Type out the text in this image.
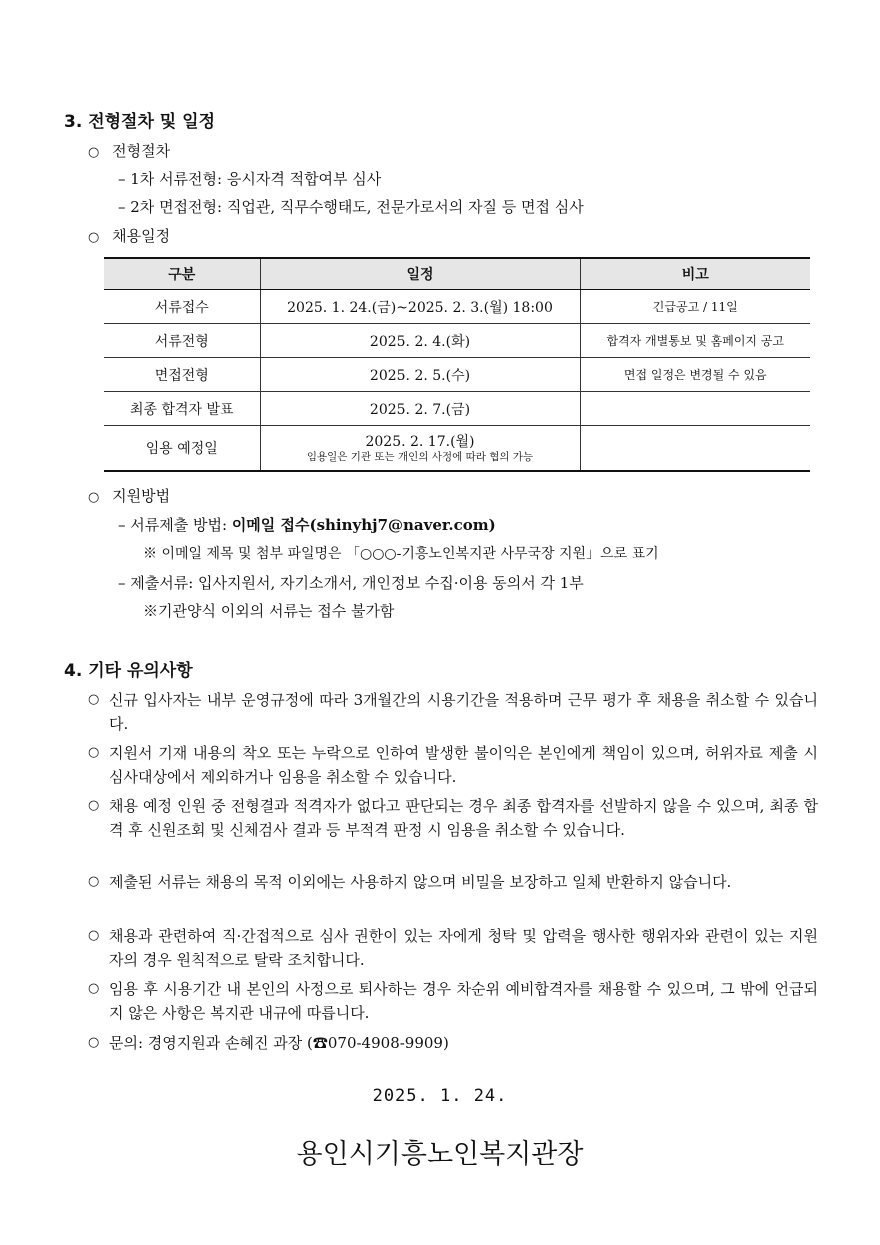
3. 전형절차 및 일정
○ 전형절차
– 1차 서류전형: 응시자격 적합여부 심사
– 2차 면접전형: 직업관, 직무수행태도, 전문가로서의 자질 등 면접 심사
○ 채용일정
구분	일정	비고
서류접수	2025. 1. 24.(금)~2025. 2. 3.(월) 18:00	긴급공고 / 11일
서류전형	2025. 2. 4.(화)	합격자 개별통보 및 홈페이지 공고
면접전형	2025. 2. 5.(수)	면접 일정은 변경될 수 있음
최종 합격자 발표	2025. 2. 7.(금)	
임용 예정일	2025. 2. 17.(월)
임용일은 기관 또는 개인의 사정에 따라 협의 가능	

○ 지원방법
– 서류제출 방법: 이메일 접수(shinyhj7@naver.com)
※ 이메일 제목 및 첨부 파일명은 「○○○-기흥노인복지관 사무국장 지원」으로 표기
– 제출서류: 입사지원서, 자기소개서, 개인정보 수집·이용 동의서 각 1부
※기관양식 이외의 서류는 접수 불가함
4. 기타 유의사항
○ 신규 입사자는 내부 운영규정에 따라 3개월간의 시용기간을 적용하며 근무 평가 후 채용을 취소할 수 있습니다.
○ 지원서 기재 내용의 착오 또는 누락으로 인하여 발생한 불이익은 본인에게 책임이 있으며, 허위자료 제출 시 심사대상에서 제외하거나 임용을 취소할 수 있습니다.
○ 채용 예정 인원 중 전형결과 적격자가 없다고 판단되는 경우 최종 합격자를 선발하지 않을 수 있으며, 최종 합격 후 신원조회 및 신체검사 결과 등 부적격 판정 시 임용을 취소할 수 있습니다.
○ 제출된 서류는 채용의 목적 이외에는 사용하지 않으며 비밀을 보장하고 일체 반환하지 않습니다.
○ 채용과 관련하여 직·간접적으로 심사 권한이 있는 자에게 청탁 및 압력을 행사한 행위자와 관련이 있는 지원자의 경우 원칙적으로 탈락 조치합니다.
○ 임용 후 시용기간 내 본인의 사정으로 퇴사하는 경우 차순위 예비합격자를 채용할 수 있으며, 그 밖에 언급되지 않은 사항은 복지관 내규에 따릅니다.
○ 문의: 경영지원과 손혜진 과장 (☎070-4908-9909)
2025. 1. 24.
용인시기흥노인복지관장
